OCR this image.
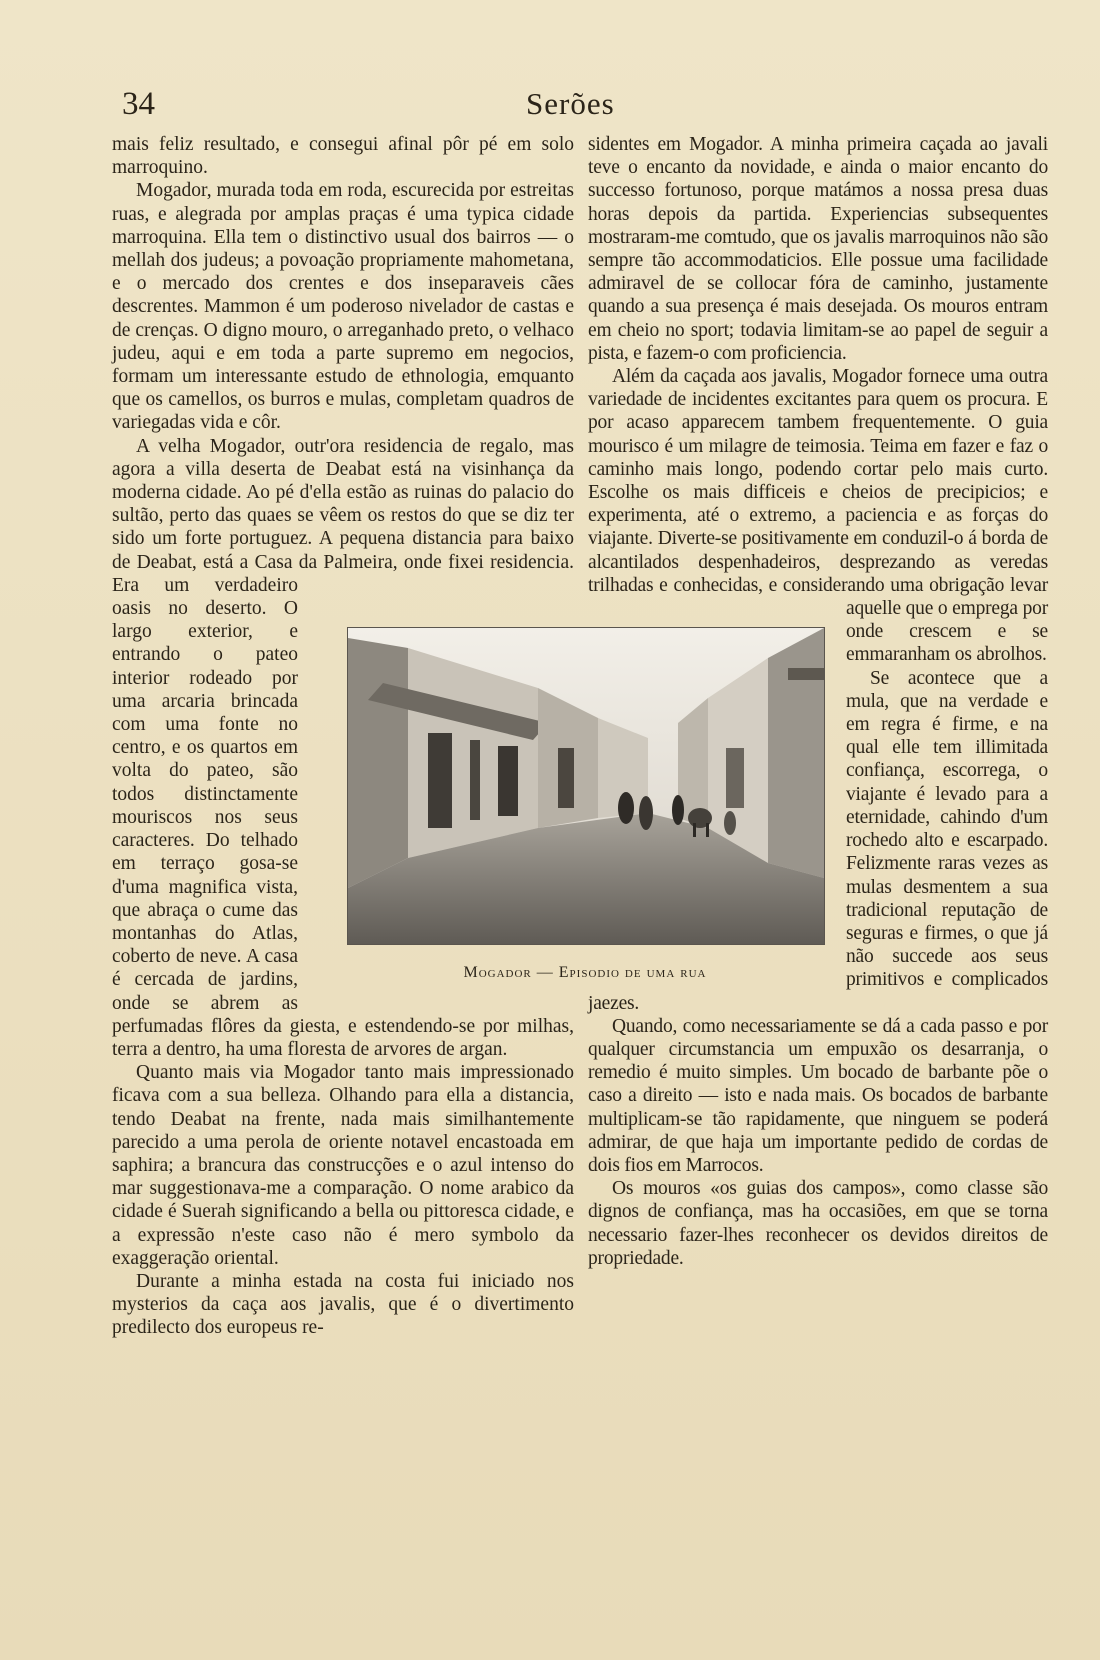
34	Serões

mais feliz resultado, e consegui afinal pôr pé em solo marroquino.

Mogador, murada toda em roda, escurecida por estreitas ruas, e alegrada por amplas praças é uma typica cidade marroquina. Ella tem o distinctivo usual dos bairros — o mellah dos judeus; a povoação propriamente mahometana, e o mercado dos crentes e dos inseparaveis cães descrentes. Mammon é um poderoso nivelador de castas e de crenças. O digno mouro, o arreganhado preto, o velhaco judeu, aqui e em toda a parte supremo em negocios, formam um interessante estudo de ethnologia, emquanto que os camellos, os burros e mulas, completam quadros de variegadas vida e côr.

A velha Mogador, outr'ora residencia de regalo, mas agora a villa deserta de Deabat está na visinhança da moderna cidade. Ao pé d'ella estão as ruinas do palacio do sultão, perto das quaes se vêem os restos do que se diz ter sido um forte portuguez. A pequena distancia para baixo de Deabat, está a Casa da Palmeira, onde fixei residencia. Era um verdadeiro oasis no deserto. O largo exterior, e entrando o pateo interior rodeado por uma arcaria brincada com uma fonte no centro, e os quartos em volta do pateo, são todos distinctamente mouriscos nos seus caracteres. Do telhado em terraço gosa-se d'uma magnifica vista, que abraça o cume das montanhas do Atlas, coberto de neve. A casa é cercada de jardins, onde se abrem as perfumadas flôres da giesta, e estendendo-se por milhas, terra a dentro, ha uma floresta de arvores de argan.

Quanto mais via Mogador tanto mais impressionado ficava com a sua belleza. Olhando para ella a distancia, tendo Deabat na frente, nada mais similhantemente parecido a uma perola de oriente notavel encastoada em saphira; a brancura das construcções e o azul intenso do mar suggestionava-me a comparação. O nome arabico da cidade é Suerah significando a bella ou pittoresca cidade, e a expressão n'este caso não é mero symbolo da exaggeração oriental.

Durante a minha estada na costa fui iniciado nos mysterios da caça aos javalis, que é o divertimento predilecto dos europeus re-

sidentes em Mogador. A minha primeira caçada ao javali teve o encanto da novidade, e ainda o maior encanto do successo fortunoso, porque matámos a nossa presa duas horas depois da partida. Experiencias subsequentes mostraram-me comtudo, que os javalis marroquinos não são sempre tão accommodaticios. Elle possue uma facilidade admiravel de se collocar fóra de caminho, justamente quando a sua presença é mais desejada. Os mouros entram em cheio no sport; todavia limitam-se ao papel de seguir a pista, e fazem-o com proficiencia.

Além da caçada aos javalis, Mogador fornece uma outra variedade de incidentes excitantes para quem os procura. E por acaso apparecem tambem frequentemente. O guia mourisco é um milagre de teimosia. Teima em fazer e faz o caminho mais longo, podendo cortar pelo mais curto. Escolhe os mais difficeis e cheios de precipicios; e experimenta, até o extremo, a paciencia e as forças do viajante. Diverte-se positivamente em conduzil-o á borda de alcantilados despenhadeiros, desprezando as veredas trilhadas e conhecidas, e considerando uma obrigação levar aquelle que o emprega por onde crescem e se emmaranham os abrolhos.

Se acontece que a mula, que na verdade e em regra é firme, e na qual elle tem illimitada confiança, escorrega, o viajante é levado para a eternidade, cahindo d'um rochedo alto e escarpado. Felizmente raras vezes as mulas desmentem a sua tradicional reputação de seguras e firmes, o que já não succede aos seus primitivos e complicados jaezes.

Quando, como necessariamente se dá a cada passo e por qualquer circumstancia um empuxão os desarranja, o remedio é muito simples. Um bocado de barbante põe o caso a direito — isto e nada mais. Os bocados de barbante multiplicam-se tão rapidamente, que ninguem se poderá admirar, de que haja um importante pedido de cordas de dois fios em Marrocos.

Os mouros «os guias dos campos», como classe são dignos de confiança, mas ha occasiões, em que se torna necessario fazer-lhes reconhecer os devidos direitos de propriedade.

Mogador — Episodio de uma rua
